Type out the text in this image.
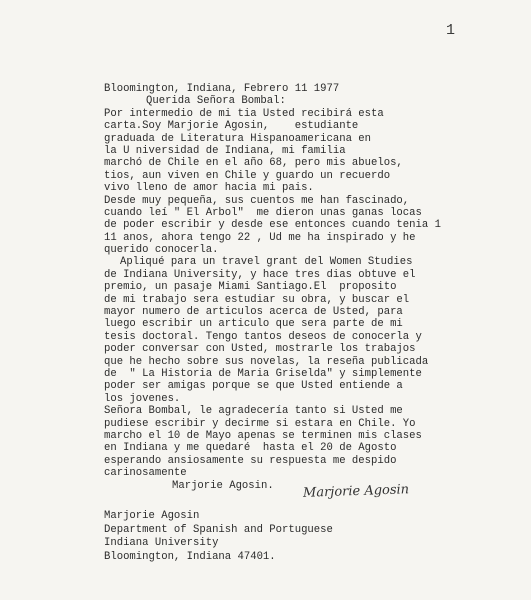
1
Bloomington, Indiana, Febrero 11 1977
Querida Señora Bombal:
Por intermedio de mi tia Usted recibirá esta
carta.Soy Marjorie Agosin,    estudiante
graduada de Literatura Hispanoamericana en
la U niversidad de Indiana, mi familia
marchó de Chile en el año 68, pero mis abuelos,
tios, aun viven en Chile y guardo un recuerdo
vivo lleno de amor hacia mi pais.
Desde muy pequeña, sus cuentos me han fascinado,
cuando leí " El Arbol"  me dieron unas ganas locas
de poder escribir y desde ese entonces cuando tenia 1
11 anos, ahora tengo 22 , Ud me ha inspirado y he
querido conocerla.
Apliqué para un travel grant del Women Studies
de Indiana University, y hace tres dias obtuve el
premio, un pasaje Miami Santiago.El  proposito
de mi trabajo sera estudiar su obra, y buscar el
mayor numero de articulos acerca de Usted, para
luego escribir un articulo que sera parte de mi
tesis doctoral. Tengo tantos deseos de conocerla y
poder conversar con Usted, mostrarle los trabajos
que he hecho sobre sus novelas, la reseña publicada
de  " La Historia de Maria Griselda" y simplemente
poder ser amigas porque se que Usted entiende a
los jovenes.
Señora Bombal, le agradecería tanto si Usted me
pudiese escribir y decirme si estara en Chile. Yo
marcho el 10 de Mayo apenas se terminen mis clases
en Indiana y me quedaré  hasta el 20 de Agosto
esperando ansiosamente su respuesta me despido
carinosamente
Marjorie Agosin.	Marjorie Agosin
Marjorie Agosin
Department of Spanish and Portuguese
Indiana University
Bloomington, Indiana 47401.
